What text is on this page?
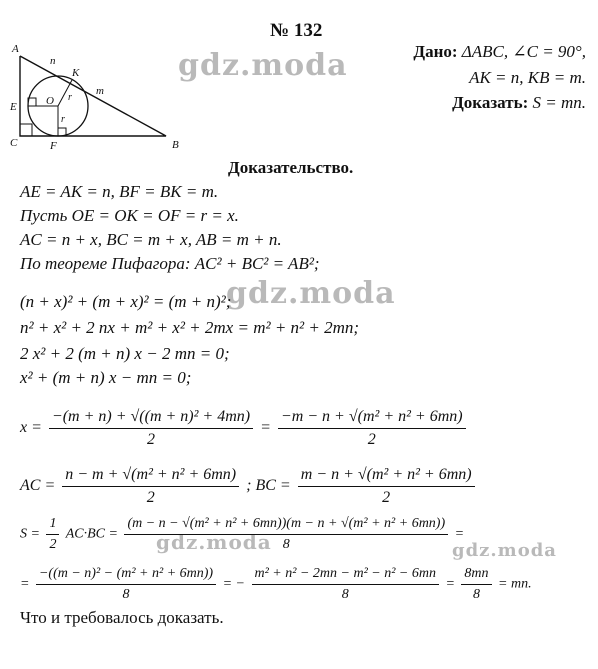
№ 132
A
B
C
E
F
K
O
n
m
r
r
gdz.moda
gdz.moda
gdz.moda	gdz.moda
Дано: ΔABC, ∠C = 90°,
AK = n, KB = m.
Доказать: S = mn.
Доказательство.
AE = AK = n, BF = BK = m.
Пусть OE = OK = OF = r = x.
AC = n + x, BC = m + x, AB = m + n.
По теореме Пифагора: AC² + BC² = AB²;
(n + x)² + (m + x)² = (m + n)²;
n² + x² + 2 nx + m² + x² + 2mx = m² + n² + 2mn;
2 x² + 2 (m + n) x − 2 mn = 0;
x² + (m + n) x − mn = 0;
$x = \frac{\text{−(m + n) + √((m + n)² + 4mn)}}{2} = \frac{\text{−m − n + √(m² + n² + 6mn)}}{2}$
AC = $\frac{\text{n − m + √(m² + n² + 6mn)}}{2}$ ; BC = $\frac{\text{m − n + √(m² + n² + 6mn)}}{2}$
$S = \frac{1}{2} AC\cdot BC = \frac{\text{(m − n − √(m² + n² + 6mn))(m − n + √(m² + n² + 6mn))}}{8}$ =
= $\frac{\text{−((m − n)² − (m² + n² + 6mn))}}{8}$ = − $\frac{\text{m² + n² − 2mn − m² − n² − 6mn}}{8} = \frac{8mn}{8}$ = mn.
Что и требовалось доказать.
